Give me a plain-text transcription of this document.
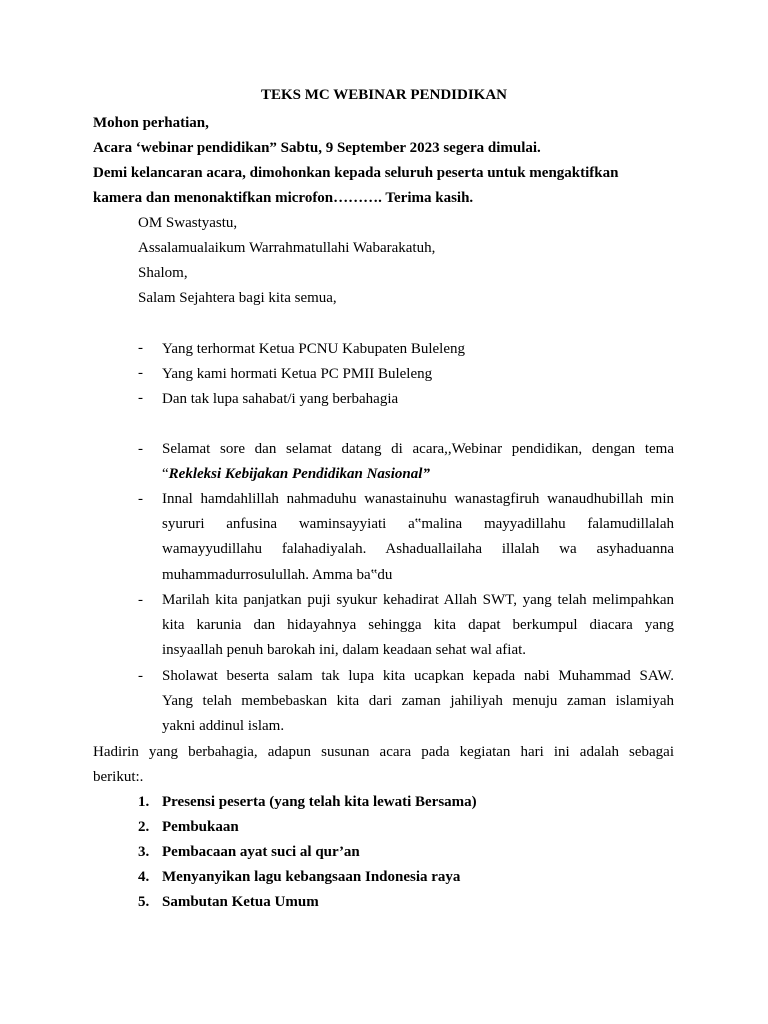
TEKS MC WEBINAR PENDIDIKAN
Mohon perhatian,
Acara ‘webinar pendidikan” Sabtu, 9 September 2023 segera dimulai.
Demi kelancaran acara, dimohonkan kepada seluruh peserta untuk mengaktifkan
kamera dan menonaktifkan microfon………. Terima kasih.
OM Swastyastu,
Assalamualaikum Warrahmatullahi Wabarakatuh,
Shalom,
Salam Sejahtera bagi kita semua,
- Yang terhormat Ketua PCNU Kabupaten Buleleng
- Yang kami hormati Ketua PC PMII Buleleng
- Dan tak lupa sahabat/i yang berbahagia
- Selamat sore dan selamat datang di acara,,Webinar pendidikan, dengan tema
“Rekleksi Kebijakan Pendidikan Nasional”
- Innal hamdahlillah nahmaduhu wanastainuhu wanastagfiruh wanaudhubillah min
syururi anfusina waminsayyiati a‟malina mayyadillahu falamudillalah
wamayyudillahu falahadiyalah. Ashaduallailaha illalah wa asyhaduanna
muhammadurrosulullah. Amma ba‟du
- Marilah kita panjatkan puji syukur kehadirat Allah SWT, yang telah melimpahkan
kita karunia dan hidayahnya sehingga kita dapat berkumpul diacara yang
insyaallah penuh barokah ini, dalam keadaan sehat wal afiat.
- Sholawat beserta salam tak lupa kita ucapkan kepada nabi Muhammad SAW.
Yang telah membebaskan kita dari zaman jahiliyah menuju zaman islamiyah
yakni addinul islam.
Hadirin yang berbahagia, adapun susunan acara pada kegiatan hari ini adalah sebagai
berikut:.
1. Presensi peserta (yang telah kita lewati Bersama)
2. Pembukaan
3. Pembacaan ayat suci al qur’an
4. Menyanyikan lagu kebangsaan Indonesia raya
5. Sambutan Ketua Umum
